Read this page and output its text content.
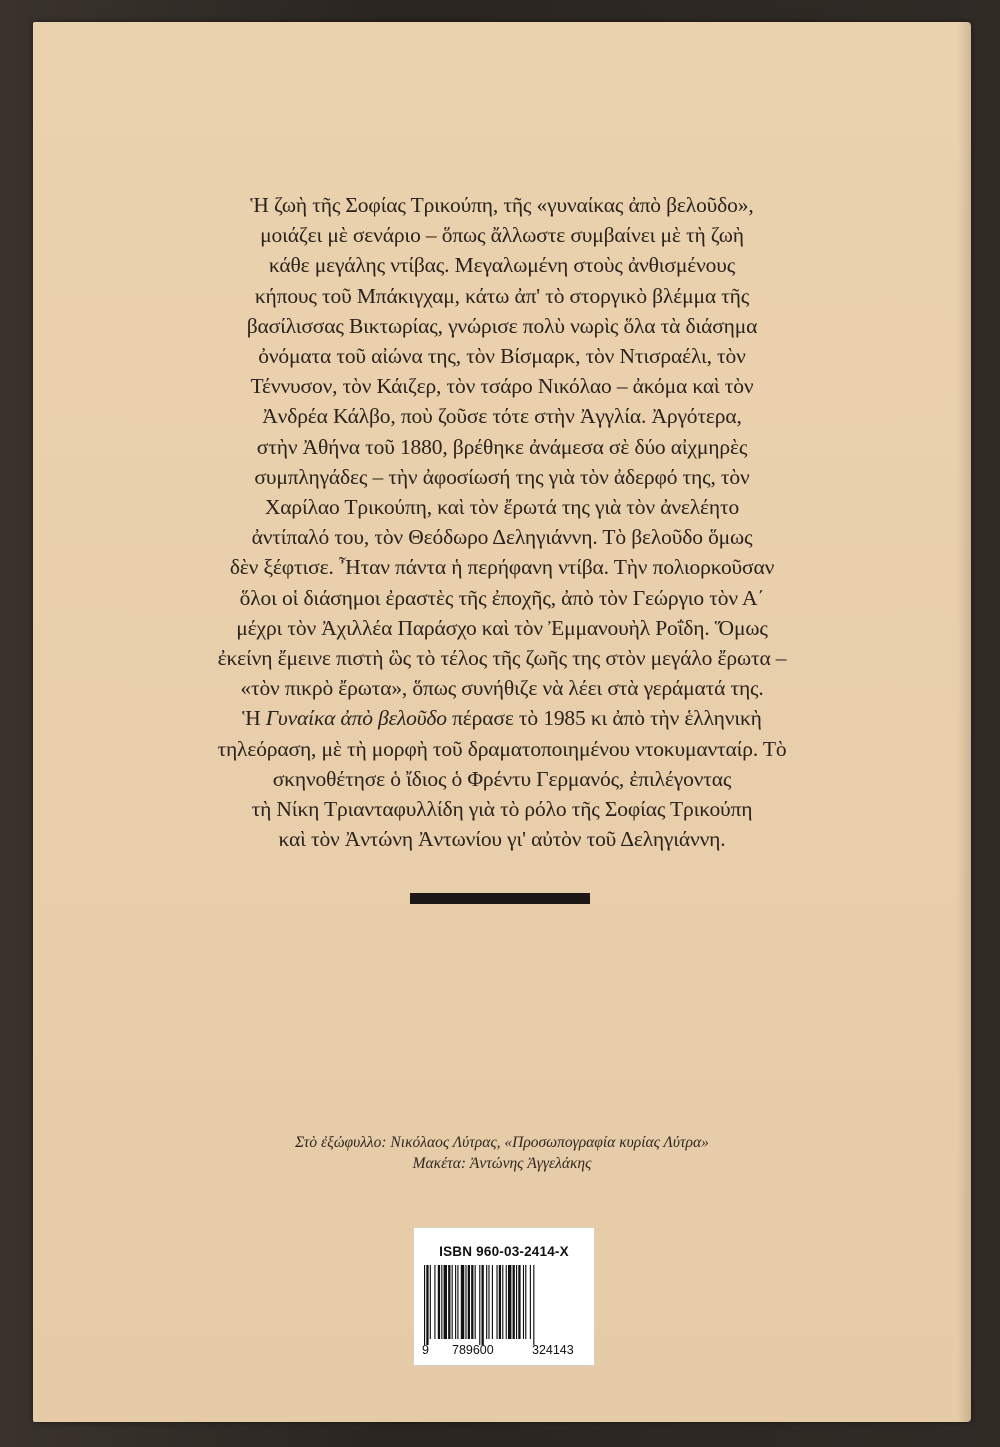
Ἡ ζωὴ τῆς Σοφίας Τρικούπη, τῆς «γυναίκας ἀπὸ βελοῦδο»,
μοιάζει μὲ σενάριο – ὅπως ἄλλωστε συμβαίνει μὲ τὴ ζωὴ
κάθε μεγάλης ντίβας. Μεγαλωμένη στοὺς ἀνθισμένους
κήπους τοῦ Μπάκιγχαμ, κάτω ἀπ' τὸ στοργικὸ βλέμμα τῆς
βασίλισσας Βικτωρίας, γνώρισε πολὺ νωρὶς ὅλα τὰ διάσημα
ὀνόματα τοῦ αἰώνα της, τὸν Βίσμαρκ, τὸν Ντισραέλι, τὸν
Τέννυσον, τὸν Κάιζερ, τὸν τσάρο Νικόλαο – ἀκόμα καὶ τὸν
Ἀνδρέα Κάλβο, ποὺ ζοῦσε τότε στὴν Ἀγγλία. Ἀργότερα,
στὴν Ἀθήνα τοῦ 1880, βρέθηκε ἀνάμεσα σὲ δύο αἰχμηρὲς
συμπληγάδες – τὴν ἀφοσίωσή της γιὰ τὸν ἀδερφό της, τὸν
Χαρίλαο Τρικούπη, καὶ τὸν ἔρωτά της γιὰ τὸν ἀνελέητο
ἀντίπαλό του, τὸν Θεόδωρο Δεληγιάννη. Τὸ βελοῦδο ὅμως
δὲν ξέφτισε. Ἦταν πάντα ἡ περήφανη ντίβα. Τὴν πολιορκοῦσαν
ὅλοι οἱ διάσημοι ἐραστὲς τῆς ἐποχῆς, ἀπὸ τὸν Γεώργιο τὸν Α΄
μέχρι τὸν Ἀχιλλέα Παράσχο καὶ τὸν Ἐμμανουὴλ Ροΐδη. Ὅμως
ἐκείνη ἔμεινε πιστὴ ὣς τὸ τέλος τῆς ζωῆς της στὸν μεγάλο ἔρωτα –
«τὸν πικρὸ ἔρωτα», ὅπως συνήθιζε νὰ λέει στὰ γεράματά της.
Ἡ Γυναίκα ἀπὸ βελοῦδο πέρασε τὸ 1985 κι ἀπὸ τὴν ἑλληνικὴ
τηλεόραση, μὲ τὴ μορφὴ τοῦ δραματοποιημένου ντοκυμανταίρ. Τὸ
σκηνοθέτησε ὁ ἴδιος ὁ Φρέντυ Γερμανός, ἐπιλέγοντας
τὴ Νίκη Τριανταφυλλίδη γιὰ τὸ ρόλο τῆς Σοφίας Τρικούπη
καὶ τὸν Ἀντώνη Ἀντωνίου γι' αὐτὸν τοῦ Δεληγιάννη.
Στὸ ἐξώφυλλο: Νικόλαος Λύτρας, «Προσωπογραφία κυρίας Λύτρα»
Μακέτα: Ἀντώνης Ἀγγελάκης
ISBN 960-03-2414-X
9 789600	324143
